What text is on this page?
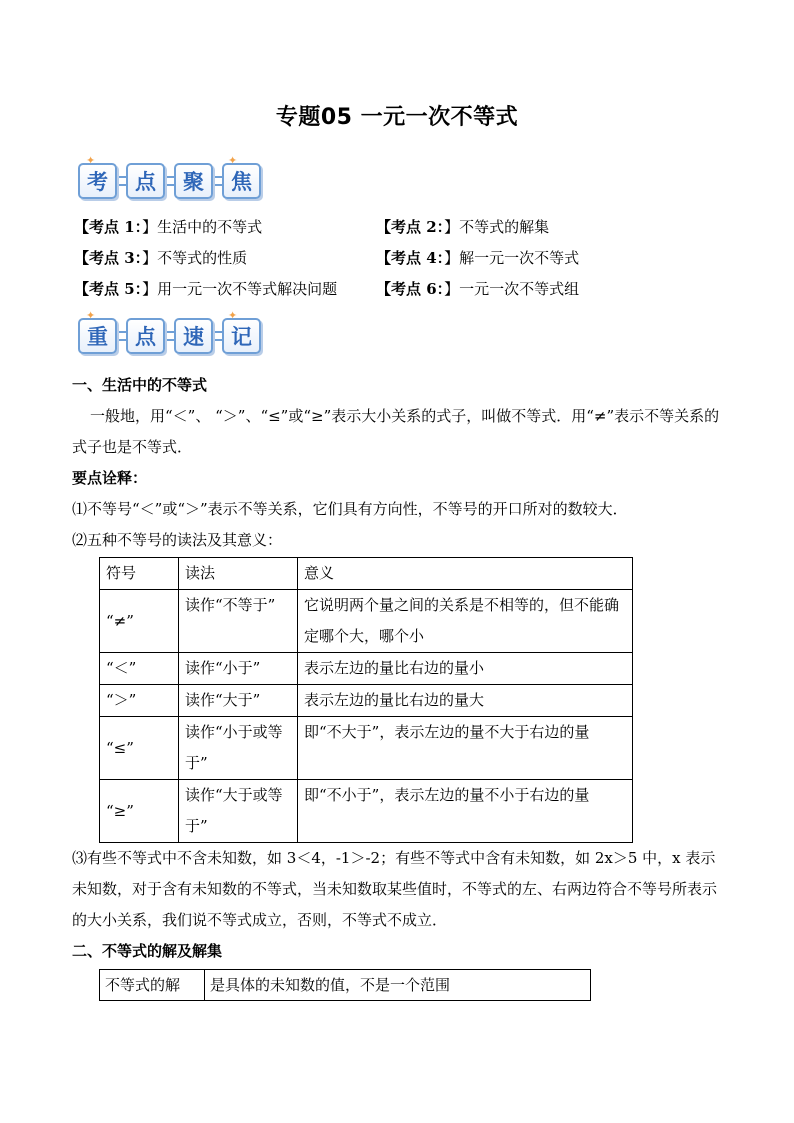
专题05 一元一次不等式
✦
考 点 聚
✦
焦
【考点 1：】生活中的不等式	【考点 2：】不等式的解集
【考点 3：】不等式的性质	【考点 4：】解一元一次不等式
【考点 5：】用一元一次不等式解决问题	【考点 6：】一元一次不等式组
✦
重 点 速
✦
记

一、生活中的不等式

一般地，用“＜”、 “＞”、“≤”或“≥”表示大小关系的式子，叫做不等式．用“≠”表示不等关系的式子也是不等式．

要点诠释：

⑴不等号“＜”或“＞”表示不等关系，它们具有方向性，不等号的开口所对的数较大．

⑵五种不等号的读法及其意义：

符号	读法	意义
“≠”	读作“不等于”	它说明两个量之间的关系是不相等的，但不能确定哪个大，哪个小
“＜”	读作“小于”	表示左边的量比右边的量小
“＞”	读作“大于”	表示左边的量比右边的量大
“≤”	读作“小于或等于”	即“不大于”，表示左边的量不大于右边的量
“≥”	读作“大于或等于”	即“不小于”，表示左边的量不小于右边的量

⑶有些不等式中不含未知数，如 3＜4，-1＞-2；有些不等式中含有未知数，如 2x＞5 中，x 表示未知数，对于含有未知数的不等式，当未知数取某些值时，不等式的左、右两边符合不等号所表示的大小关系，我们说不等式成立，否则，不等式不成立．

二、不等式的解及解集

不等式的解	是具体的未知数的值，不是一个范围
